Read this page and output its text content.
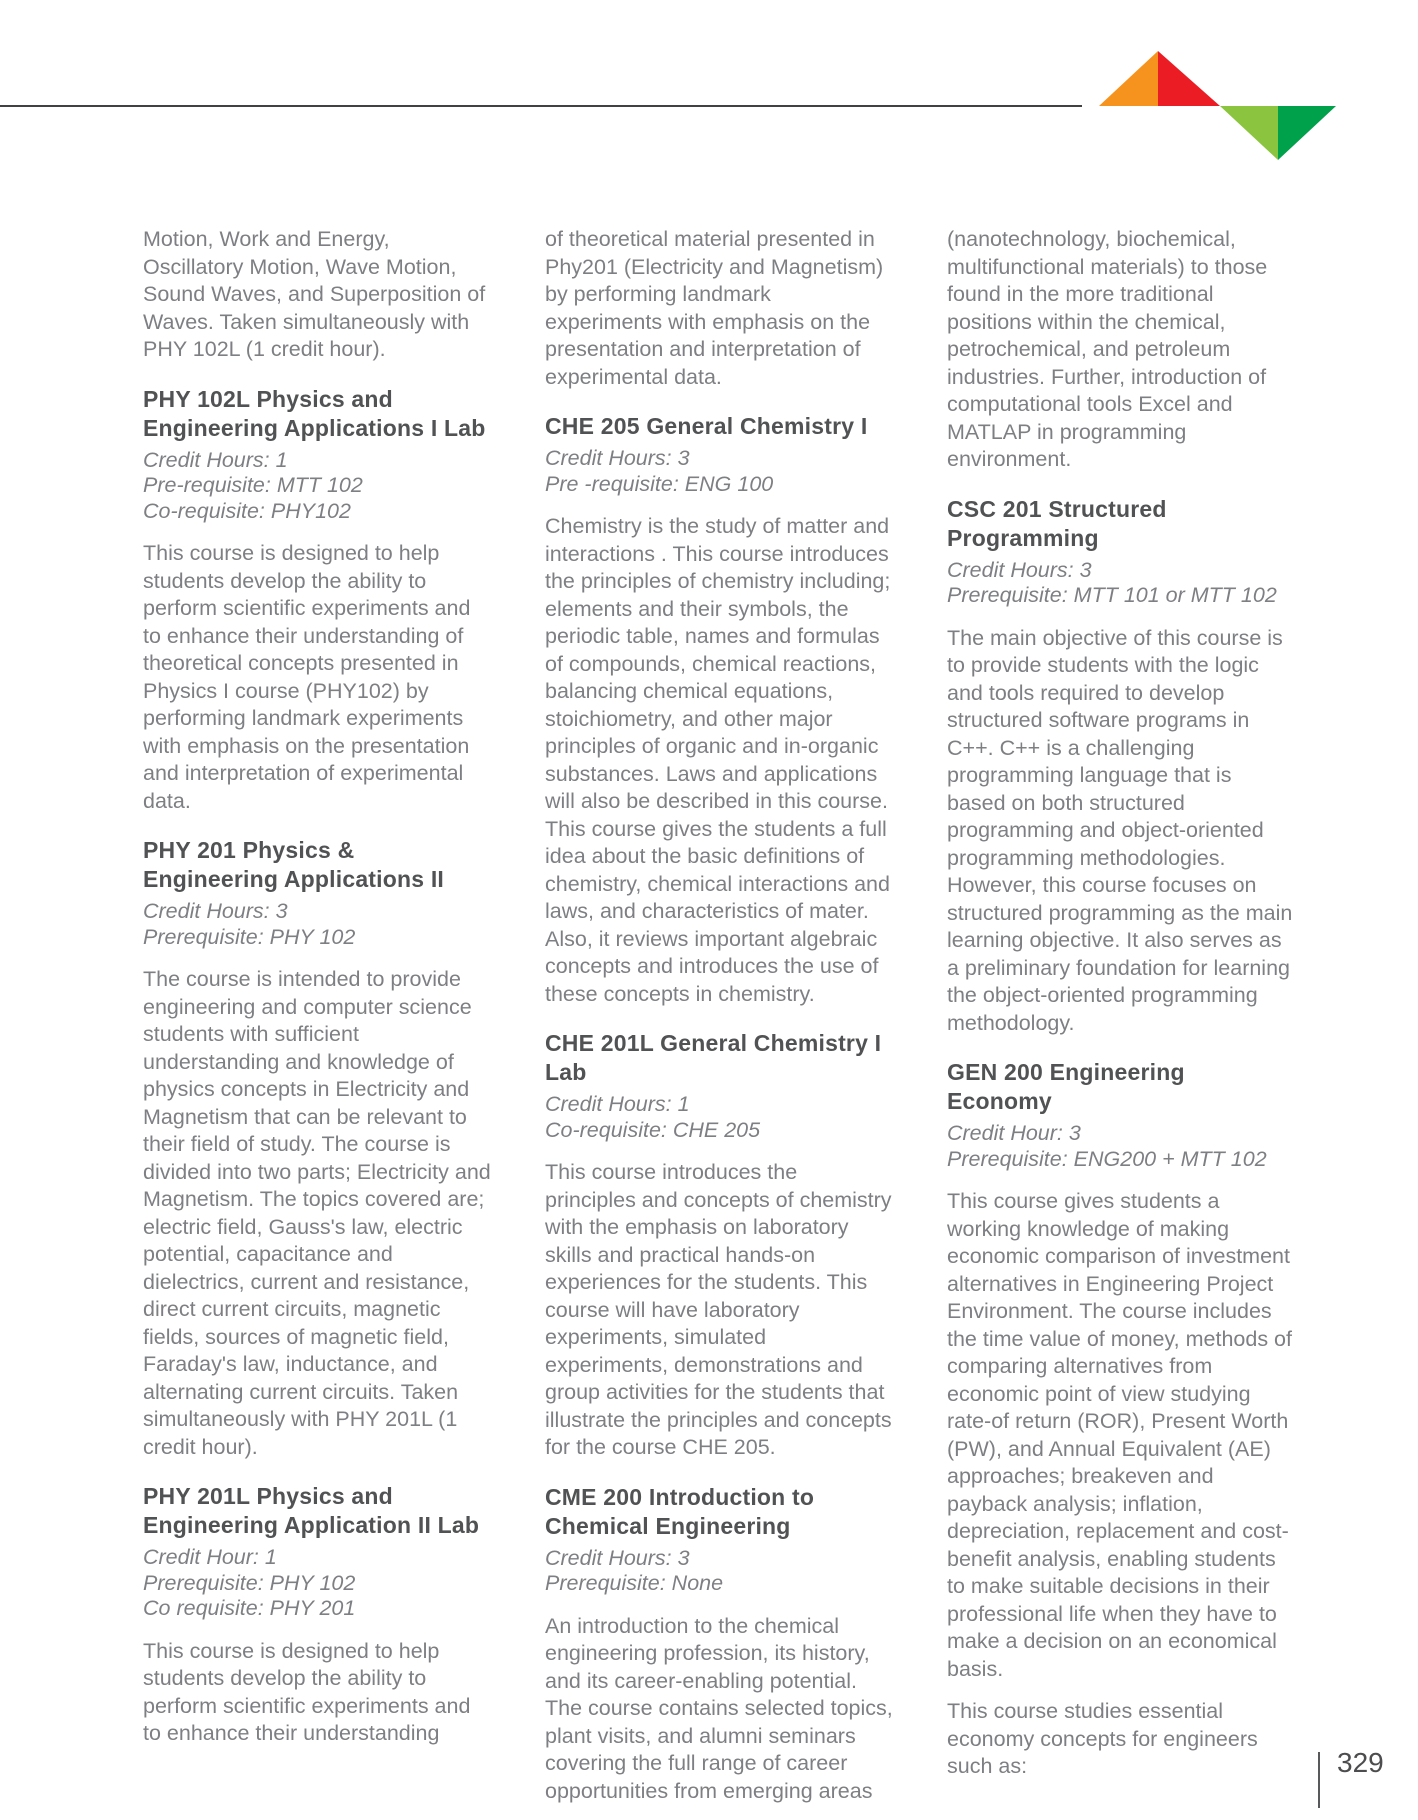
Motion, Work and Energy, Oscillatory Motion, Wave Motion, Sound Waves, and Superposition of Waves. Taken simultaneously with PHY 102L (1 credit hour).

PHY 102L Physics and Engineering Applications I Lab
Credit Hours: 1
Pre-requisite: MTT 102
Co-requisite: PHY102

This course is designed to help students develop the ability to perform scientific experiments and to enhance their understanding of theoretical concepts presented in Physics I course (PHY102) by performing landmark experiments with emphasis on the presentation and interpretation of experimental data.

PHY 201 Physics & Engineering Applications II
Credit Hours: 3
Prerequisite: PHY 102

The course is intended to provide engineering and computer science students with sufficient understanding and knowledge of physics concepts in Electricity and Magnetism that can be relevant to their field of study. The course is divided into two parts; Electricity and Magnetism. The topics covered are; electric field, Gauss's law, electric potential, capacitance and dielectrics, current and resistance, direct current circuits, magnetic fields, sources of magnetic field, Faraday's law, inductance, and alternating current circuits. Taken simultaneously with PHY 201L (1 credit hour).

PHY 201L Physics and Engineering Application II Lab
Credit Hour: 1
Prerequisite: PHY 102
Co requisite: PHY 201

This course is designed to help students develop the ability to perform scientific experiments and to enhance their understanding

of theoretical material presented in Phy201 (Electricity and Magnetism) by performing landmark experiments with emphasis on the presentation and interpretation of experimental data.

CHE 205 General Chemistry I
Credit Hours: 3
Pre -requisite: ENG 100

Chemistry is the study of matter and interactions . This course introduces the principles of chemistry including; elements and their symbols, the periodic table, names and formulas of compounds, chemical reactions, balancing chemical equations, stoichiometry, and other major principles of organic and in-organic substances. Laws and applications will also be described in this course. This course gives the students a full idea about the basic definitions of chemistry, chemical interactions and laws, and characteristics of mater. Also, it reviews important algebraic concepts and introduces the use of these concepts in chemistry.

CHE 201L General Chemistry I Lab
Credit Hours: 1
Co-requisite: CHE 205

This course introduces the principles and concepts of chemistry with the emphasis on laboratory skills and practical hands-on experiences for the students. This course will have laboratory experiments, simulated experiments, demonstrations and group activities for the students that illustrate the principles and concepts for the course CHE 205.

CME 200 Introduction to Chemical Engineering
Credit Hours: 3
Prerequisite: None

An introduction to the chemical engineering profession, its history, and its career-enabling potential. The course contains selected topics, plant visits, and alumni seminars covering the full range of career opportunities from emerging areas

(nanotechnology, biochemical, multifunctional materials) to those found in the more traditional positions within the chemical, petrochemical, and petroleum industries. Further, introduction of computational tools Excel and MATLAP in programming environment.

CSC 201 Structured Programming
Credit Hours: 3
Prerequisite: MTT 101 or MTT 102

The main objective of this course is to provide students with the logic and tools required to develop structured software programs in C++. C++ is a challenging programming language that is based on both structured programming and object-oriented programming methodologies. However, this course focuses on structured programming as the main learning objective. It also serves as a preliminary foundation for learning the object-oriented programming methodology.

GEN 200 Engineering Economy
Credit Hour: 3
Prerequisite: ENG200 + MTT 102

This course gives students a working knowledge of making economic comparison of investment alternatives in Engineering Project Environment. The course includes the time value of money, methods of comparing alternatives from economic point of view studying rate-of return (ROR), Present Worth (PW), and Annual Equivalent (AE) approaches; breakeven and payback analysis; inflation, depreciation, replacement and cost-benefit analysis, enabling students to make suitable decisions in their professional life when they have to make a decision on an economical basis.

This course studies essential economy concepts for engineers such as:	329
